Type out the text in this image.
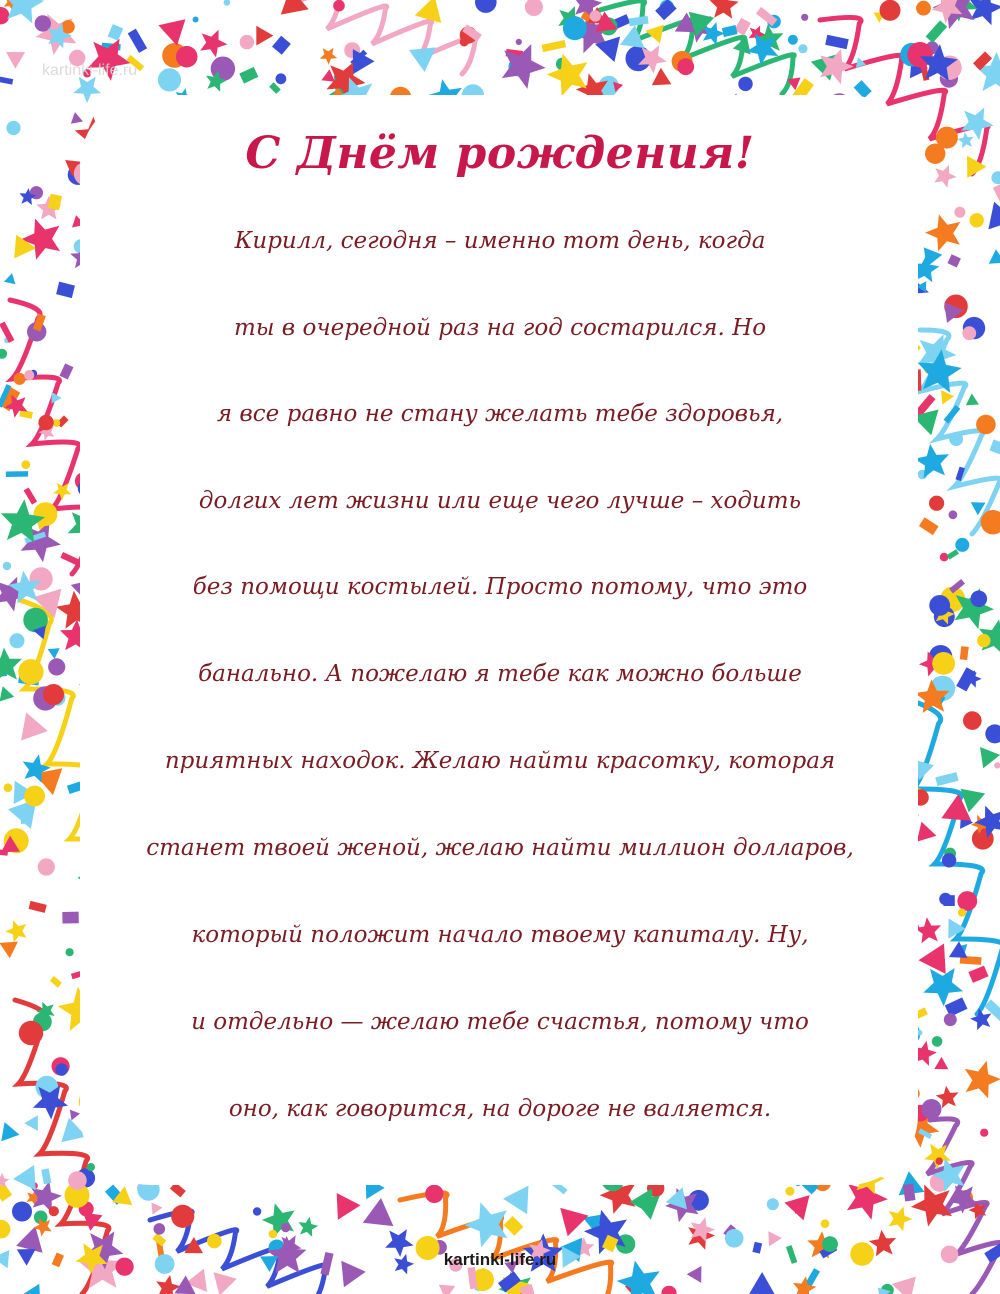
kartinki-life.ru
С Днём рождения!
Кирилл, сегодня – именно тот день, когда
ты в очередной раз на год состарился. Но
я все равно не стану желать тебе здоровья,
долгих лет жизни или еще чего лучше – ходить
без помощи костылей. Просто потому, что это
банально. А пожелаю я тебе как можно больше
приятных находок. Желаю найти красотку, которая
станет твоей женой, желаю найти миллион долларов,
который положит начало твоему капиталу. Ну,
и отдельно — желаю тебе счастья, потому что
оно, как говорится, на дороге не валяется.
kartinki-life.ru
